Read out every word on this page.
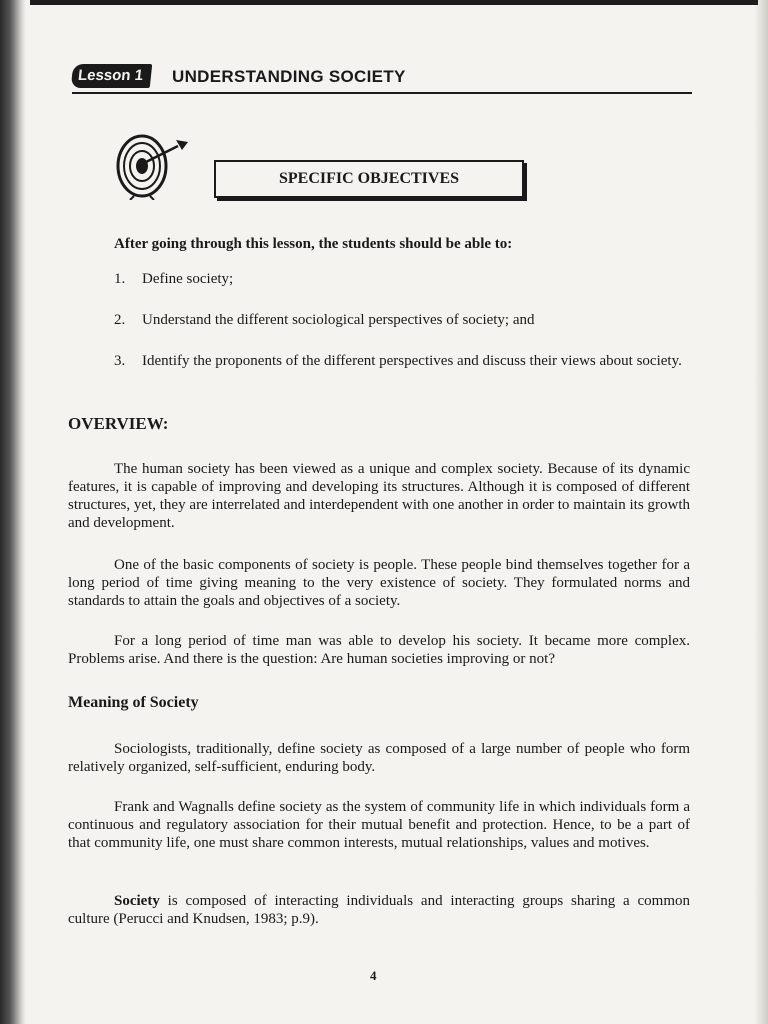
Lesson 1	UNDERSTANDING SOCIETY
SPECIFIC OBJECTIVES
After going through this lesson, the students should be able to:
1. Define society;
2. Understand the different sociological perspectives of society; and
3. Identify the proponents of the different perspectives and discuss their views about society.
OVERVIEW:

The human society has been viewed as a unique and complex society. Because of its dynamic features, it is capable of improving and developing its structures. Although it is composed of different structures, yet, they are interrelated and interdependent with one another in order to maintain its growth and development.

One of the basic components of society is people. These people bind themselves together for a long period of time giving meaning to the very existence of society. They formulated norms and standards to attain the goals and objectives of a society.

For a long period of time man was able to develop his society. It became more complex. Problems arise. And there is the question: Are human societies improving or not?

Meaning of Society

Sociologists, traditionally, define society as composed of a large number of people who form relatively organized, self-sufficient, enduring body.

Frank and Wagnalls define society as the system of community life in which individuals form a continuous and regulatory association for their mutual benefit and protection. Hence, to be a part of that community life, one must share common interests, mutual relationships, values and motives.

Society is composed of interacting individuals and interacting groups sharing a common culture (Perucci and Knudsen, 1983; p.9).

4
